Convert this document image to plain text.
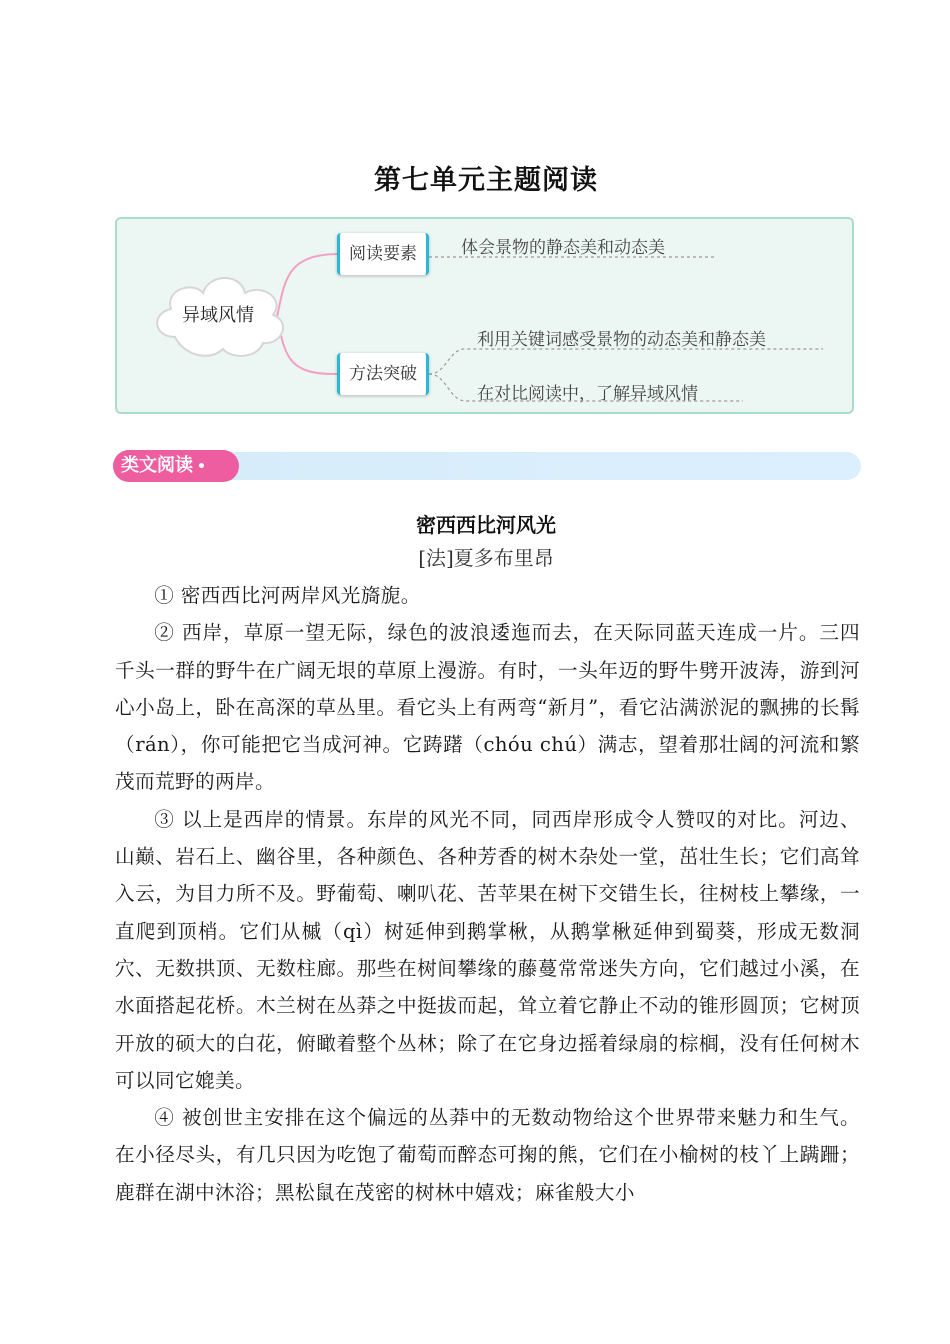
第七单元主题阅读
异域风情
阅读要素
方法突破
体会景物的静态美和动态美
利用关键词感受景物的动态美和静态美
在对比阅读中，了解异域风情
类文阅读 •
密西西比河风光
[法]夏多布里昂

① 密西西比河两岸风光旖旎。

② 西岸，草原一望无际，绿色的波浪逶迤而去，在天际同蓝天连成一片。三四千头一群的野牛在广阔无垠的草原上漫游。有时，一头年迈的野牛劈开波涛，游到河心小岛上，卧在高深的草丛里。看它头上有两弯“新月”，看它沾满淤泥的飘拂的长髯（rán），你可能把它当成河神。它踌躇（chóu chú）满志，望着那壮阔的河流和繁茂而荒野的两岸。

③ 以上是西岸的情景。东岸的风光不同，同西岸形成令人赞叹的对比。河边、山巅、岩石上、幽谷里，各种颜色、各种芳香的树木杂处一堂，茁壮生长；它们高耸入云，为目力所不及。野葡萄、喇叭花、苦苹果在树下交错生长，往树枝上攀缘，一直爬到顶梢。它们从槭（qì）树延伸到鹅掌楸，从鹅掌楸延伸到蜀葵，形成无数洞穴、无数拱顶、无数柱廊。那些在树间攀缘的藤蔓常常迷失方向，它们越过小溪，在水面搭起花桥。木兰树在丛莽之中挺拔而起，耸立着它静止不动的锥形圆顶；它树顶开放的硕大的白花，俯瞰着整个丛林；除了在它身边摇着绿扇的棕榈，没有任何树木可以同它媲美。

④ 被创世主安排在这个偏远的丛莽中的无数动物给这个世界带来魅力和生气。在小径尽头，有几只因为吃饱了葡萄而醉态可掬的熊，它们在小榆树的枝丫上蹒跚；鹿群在湖中沐浴；黑松鼠在茂密的树林中嬉戏；麻雀般大小
